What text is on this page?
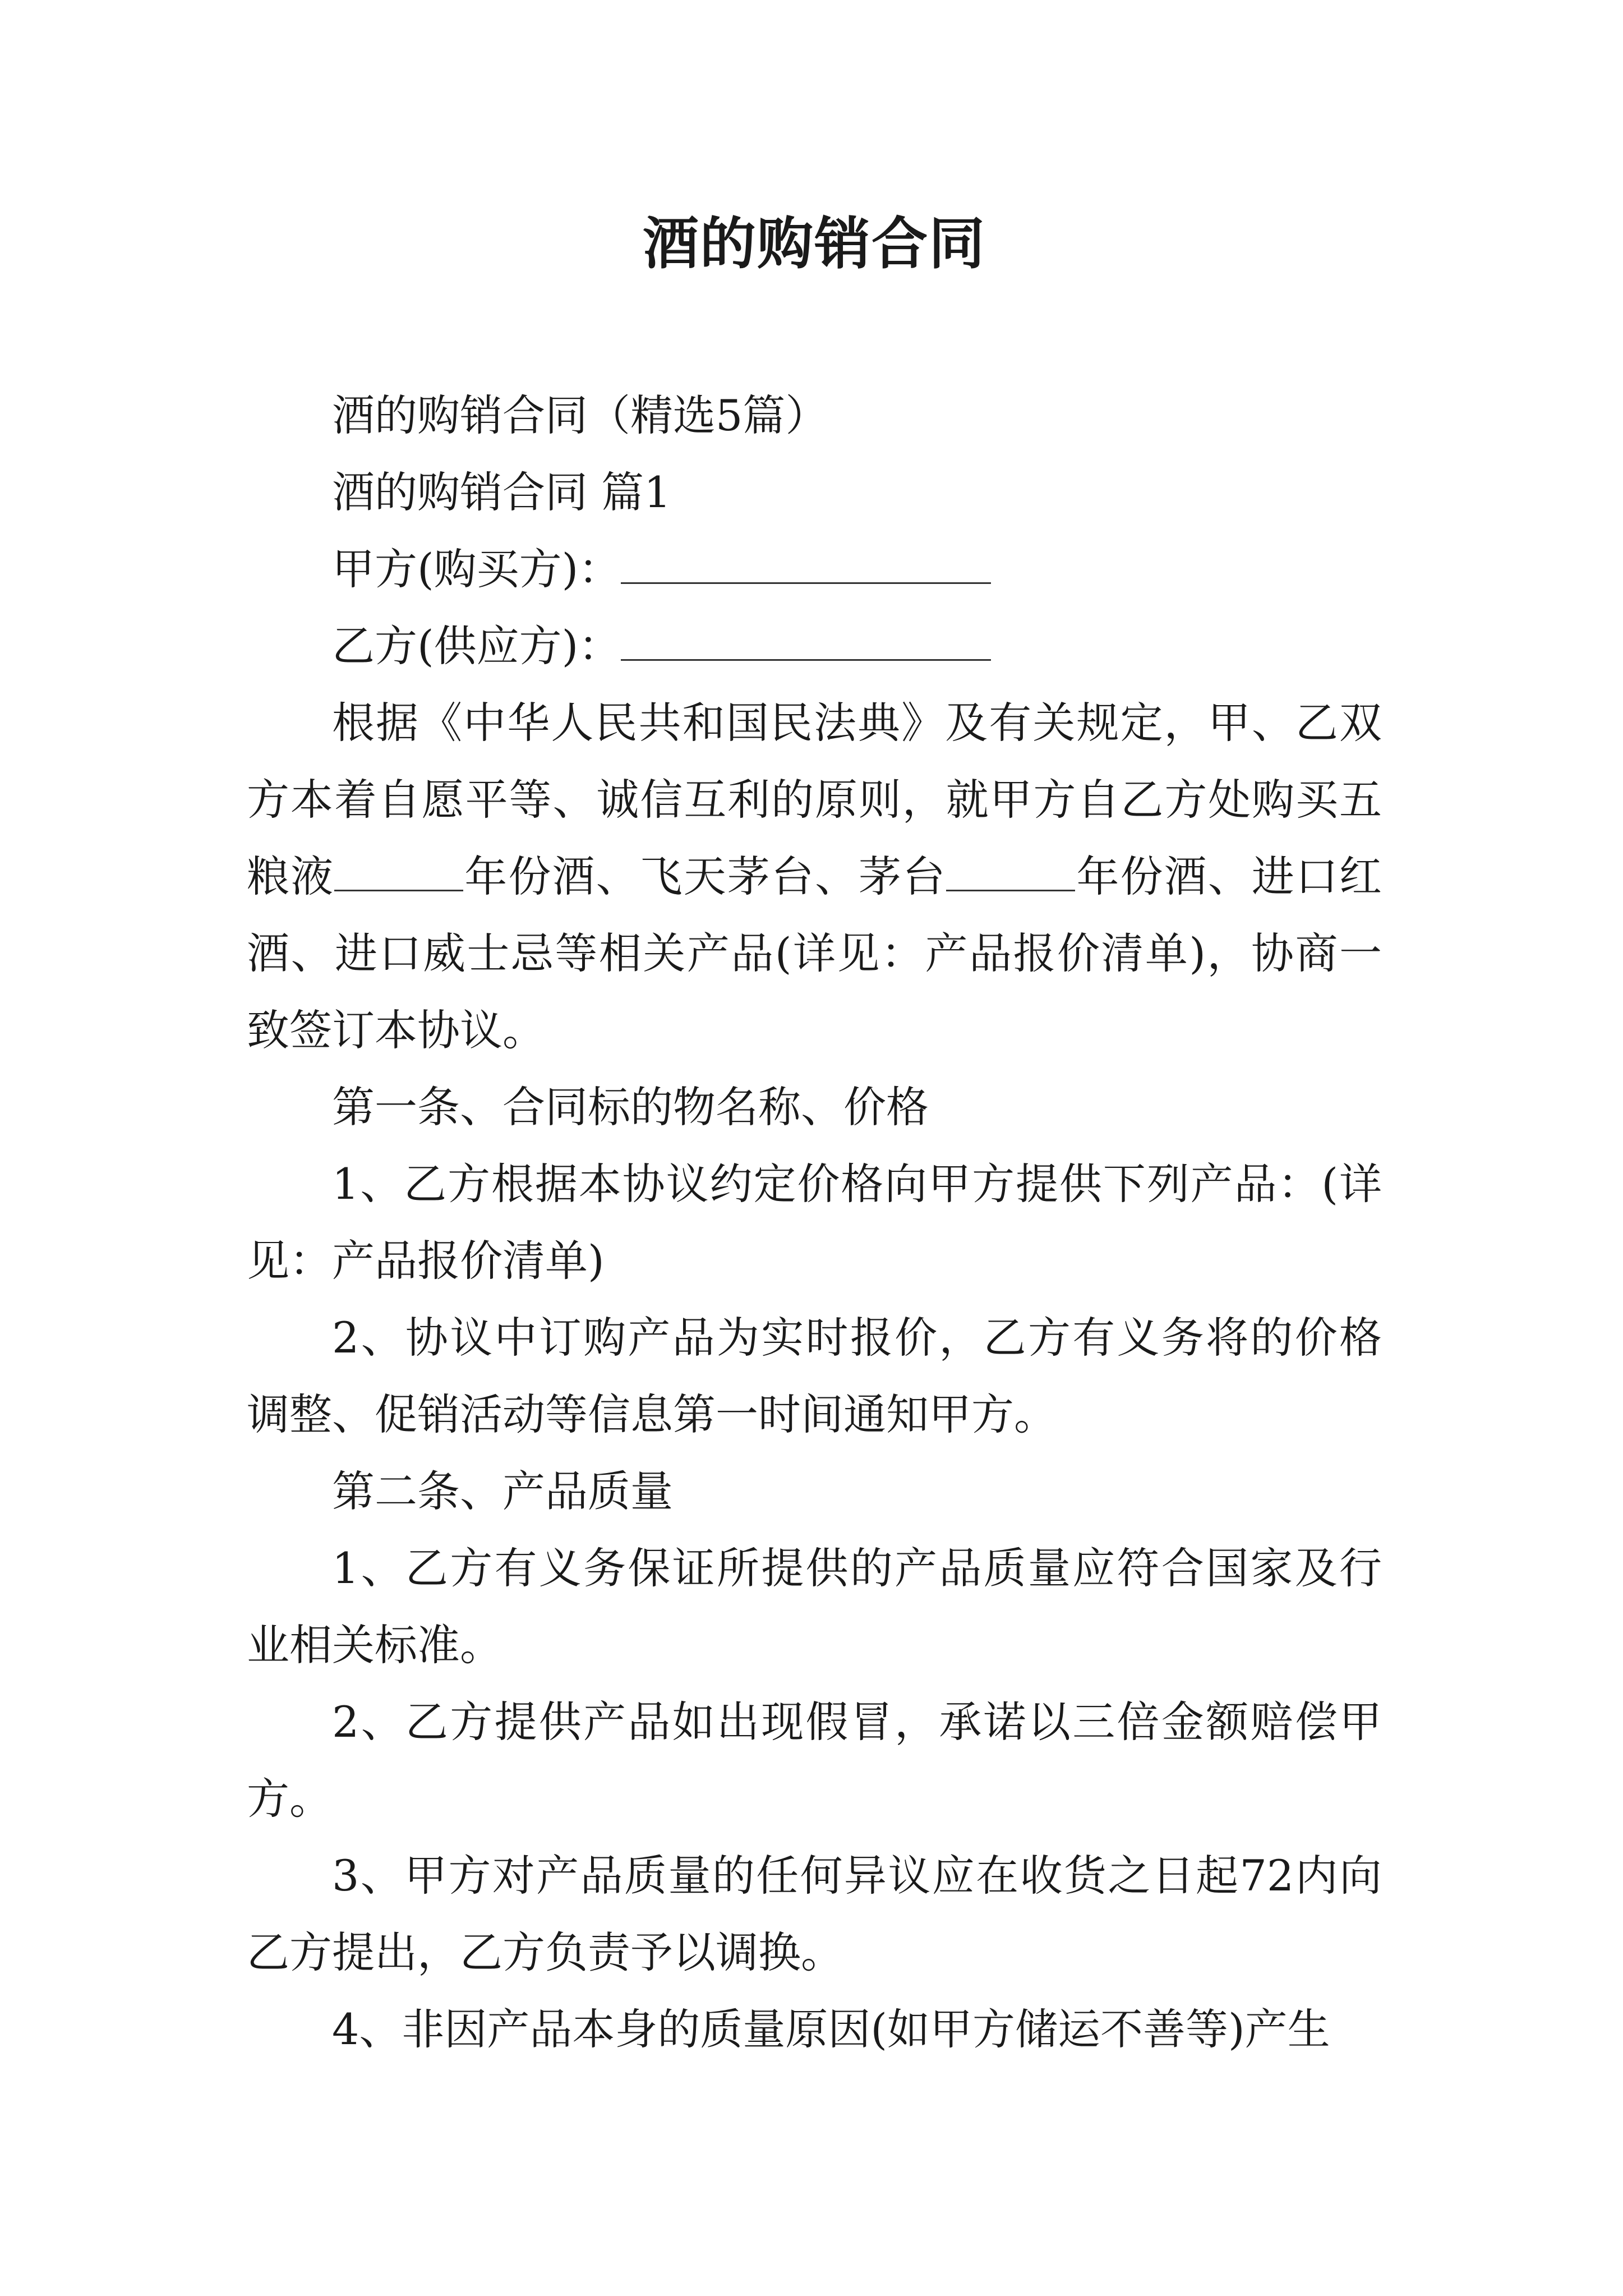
酒的购销合同

酒的购销合同（精选5篇）

酒的购销合同 篇1

甲方(购买方)：

乙方(供应方)：

根据《中华人民共和国民法典》及有关规定，甲、乙双方本着自愿平等、诚信互利的原则，就甲方自乙方处购买五粮液	年份酒、飞天茅台、茅台	年份酒、进口红酒、进口威士忌等相关产品(详见：产品报价清单)，协商一致签订本协议。

第一条、合同标的物名称、价格

1、乙方根据本协议约定价格向甲方提供下列产品：(详见：产品报价清单)

2、协议中订购产品为实时报价，乙方有义务将的价格调整、促销活动等信息第一时间通知甲方。

第二条、产品质量

1、乙方有义务保证所提供的产品质量应符合国家及行业相关标准。

2、乙方提供产品如出现假冒，承诺以三倍金额赔偿甲方。

3、甲方对产品质量的任何异议应在收货之日起72内向乙方提出，乙方负责予以调换。

4、非因产品本身的质量原因(如甲方储运不善等)产生
